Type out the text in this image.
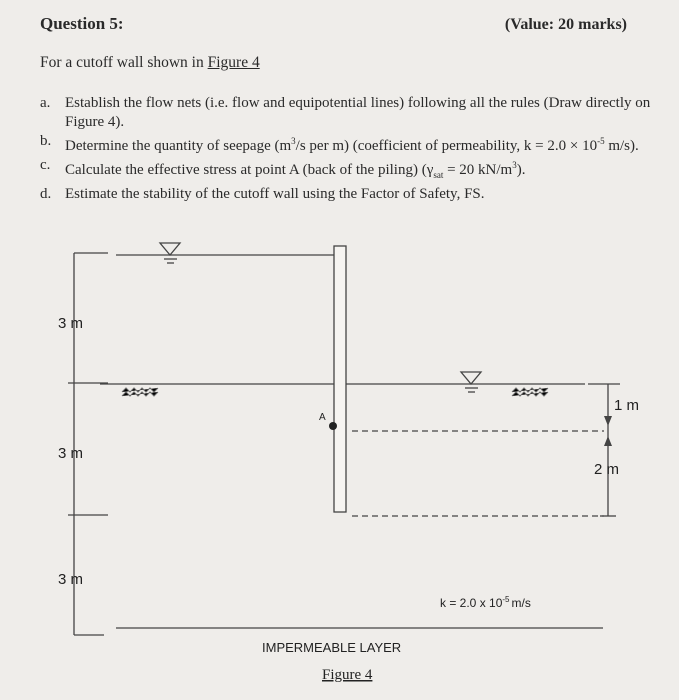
Question 5:	(Value: 20 marks)
For a cutoff wall shown in Figure 4
a. Establish the flow nets (i.e. flow and equipotential lines) following all the rules (Draw directly on Figure 4).
b. Determine the quantity of seepage ($m^3/s$ per m) (coefficient of permeability, $k = 2.0 \times 10^{-5}$ m/s).
c. Calculate the effective stress at point A (back of the piling) ($\gamma_{sat} = 20$ $kN/m^3$).
d. Estimate the stability of the cutoff wall using the Factor of Safety, FS.
A
3 m
3 m
3 m
1 m
2 m
k = 2.0 x $10^{-5}$ m/s
IMPERMEABLE LAYER
Figure 4
